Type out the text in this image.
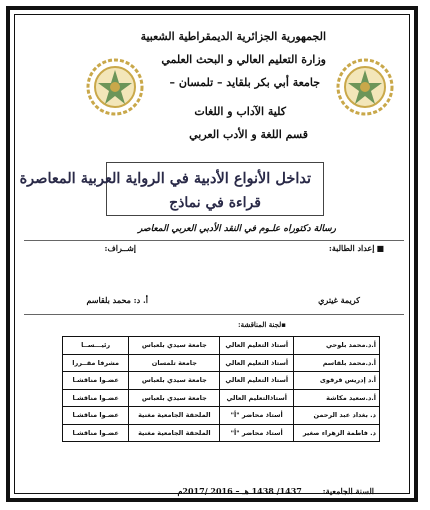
الجمهورية الجزائرية الديمقراطية الشعبية
وزارة التعليم العالي و البحث العلمي
جامعة أبي بكر بلقايد – تلمسان –
كلية الآداب و اللغات
قسم اللغة و الأدب العربي
تداخل الأنواع الأدبية في الرواية العربية المعاصرة
قراءة في نماذج
رسالة دكتوراه علـوم في النقد الأدبي العربي المعاصر
■إعداد الطالبة:
إشــراف:
كريمة غيتري
أ. د: محمد بلقاسم
▪لجنة المناقشة:
أ.د.محمد بلوحي	أستاذ التعليم العالي	جامعة سيدي بلعباس	رئيـــســا
أ.د.محمد بلقاسم	أستاذ التعليم العالي	جامعة تلمسان	مشرفا مقــررا
أ.د إدريس قرقوى	أستاذ التعليم العالي	جامعة سيدي بلعباس	عضـوا مناقشـا
أ.د.سعيد مكاشة	أستاذالتعليم العالي	جامعة سيدي بلعباس	عضـوا مناقشـا
د. بغداد عبد الرحمن	أستاذ محاضر "أ"	الملحقة الجامعية مغنية	عضـوا مناقشـا
د. فاطمة الزهراء صغير	أستاذ محاضر "أ"	الملحقة الجامعية مغنية	عضـوا مناقشـا
السنة الجامعية: 1437/ 1438 هـ – 2016 /2017م
